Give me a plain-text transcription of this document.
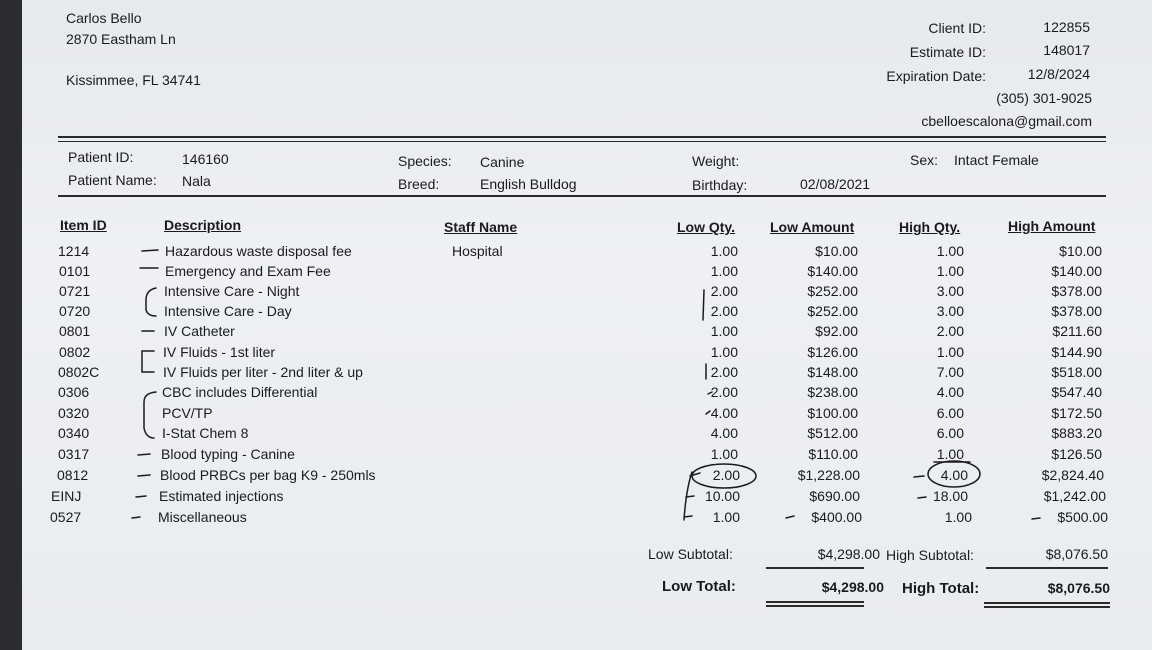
Carlos Bello
2870 Eastham Ln
Kissimmee, FL 34741
Client ID:	122855
Estimate ID:	148017
Expiration Date:	12/8/2024
(305) 301-9025
cbelloescalona@gmail.com
Patient ID:	146160
Patient Name: Nala
Species: Canine
Breed:	English Bulldog
Weight:
Birthday:	02/08/2021
Sex: Intact Female
Item ID	Description	Staff Name	Low Qty. Low Amount	High Qty.	High Amount
1214	Hazardous waste disposal fee	Hospital	1.00	$10.00	1.00	$10.00
0101	Emergency and Exam Fee	1.00	$140.00	1.00	$140.00
0721	Intensive Care - Night	2.00	$252.00	3.00	$378.00
0720	Intensive Care - Day	2.00	$252.00	3.00	$378.00
0801	IV Catheter	1.00	$92.00	2.00	$211.60
0802	IV Fluids - 1st liter	1.00	$126.00	1.00	$144.90
0802C	IV Fluids per liter - 2nd liter & up	2.00	$148.00	7.00	$518.00
0306	CBC includes Differential	2.00	$238.00	4.00	$547.40
0320	PCV/TP	4.00	$100.00	6.00	$172.50
0340	I-Stat Chem 8	4.00	$512.00	6.00	$883.20
0317	Blood typing - Canine	1.00	$110.00	1.00	$126.50
0812	Blood PRBCs per bag K9 - 250mls	2.00	$1,228.00	4.00	$2,824.40
EINJ	Estimated injections	10.00	$690.00	18.00	$1,242.00
0527	Miscellaneous	1.00	$400.00	1.00	$500.00
Low Subtotal:	$4,298.00 High Subtotal:	$8,076.50
Low Total:	$4,298.00 High Total:	$8,076.50
